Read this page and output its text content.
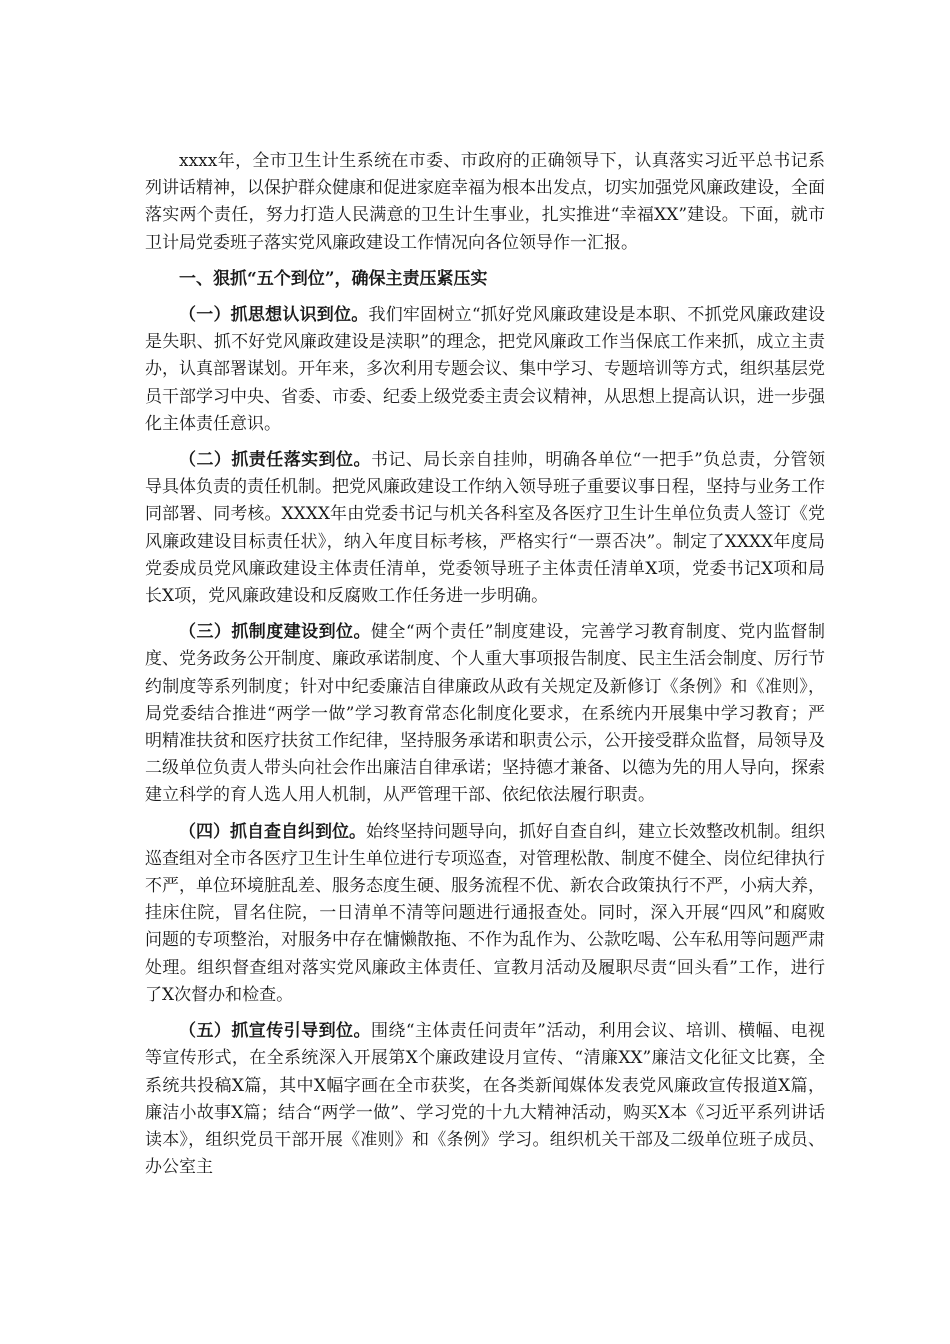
xxxx年，全市卫生计生系统在市委、市政府的正确领导下，认真落实习近平总书记系列讲话精神，以保护群众健康和促进家庭幸福为根本出发点，切实加强党风廉政建设，全面落实两个责任，努力打造人民满意的卫生计生事业，扎实推进“幸福XX”建设。下面，就市卫计局党委班子落实党风廉政建设工作情况向各位领导作一汇报。

一、狠抓“五个到位”，确保主责压紧压实

（一）抓思想认识到位。我们牢固树立“抓好党风廉政建设是本职、不抓党风廉政建设是失职、抓不好党风廉政建设是渎职”的理念，把党风廉政工作当保底工作来抓，成立主责办，认真部署谋划。开年来，多次利用专题会议、集中学习、专题培训等方式，组织基层党员干部学习中央、省委、市委、纪委上级党委主责会议精神，从思想上提高认识，进一步强化主体责任意识。

（二）抓责任落实到位。书记、局长亲自挂帅，明确各单位“一把手”负总责，分管领导具体负责的责任机制。把党风廉政建设工作纳入领导班子重要议事日程，坚持与业务工作同部署、同考核。XXXX年由党委书记与机关各科室及各医疗卫生计生单位负责人签订《党风廉政建设目标责任状》，纳入年度目标考核，严格实行“一票否决”。制定了XXXX年度局党委成员党风廉政建设主体责任清单，党委领导班子主体责任清单X项，党委书记X项和局长X项，党风廉政建设和反腐败工作任务进一步明确。

（三）抓制度建设到位。健全“两个责任”制度建设，完善学习教育制度、党内监督制度、党务政务公开制度、廉政承诺制度、个人重大事项报告制度、民主生活会制度、厉行节约制度等系列制度；针对中纪委廉洁自律廉政从政有关规定及新修订《条例》和《准则》，局党委结合推进“两学一做”学习教育常态化制度化要求，在系统内开展集中学习教育；严明精准扶贫和医疗扶贫工作纪律，坚持服务承诺和职责公示，公开接受群众监督，局领导及二级单位负责人带头向社会作出廉洁自律承诺；坚持德才兼备、以德为先的用人导向，探索建立科学的育人选人用人机制，从严管理干部、依纪依法履行职责。

（四）抓自查自纠到位。始终坚持问题导向，抓好自查自纠，建立长效整改机制。组织巡查组对全市各医疗卫生计生单位进行专项巡查，对管理松散、制度不健全、岗位纪律执行不严，单位环境脏乱差、服务态度生硬、服务流程不优、新农合政策执行不严，小病大养，挂床住院，冒名住院，一日清单不清等问题进行通报查处。同时，深入开展“四风”和腐败问题的专项整治，对服务中存在慵懒散拖、不作为乱作为、公款吃喝、公车私用等问题严肃处理。组织督查组对落实党风廉政主体责任、宣教月活动及履职尽责“回头看”工作，进行了X次督办和检查。

（五）抓宣传引导到位。围绕“主体责任问责年”活动，利用会议、培训、横幅、电视等宣传形式，在全系统深入开展第X个廉政建设月宣传、“清廉XX”廉洁文化征文比赛，全系统共投稿X篇，其中X幅字画在全市获奖，在各类新闻媒体发表党风廉政宣传报道X篇，廉洁小故事X篇；结合“两学一做”、学习党的十九大精神活动，购买X本《习近平系列讲话读本》，组织党员干部开展《准则》和《条例》学习。组织机关干部及二级单位班子成员、办公室主
